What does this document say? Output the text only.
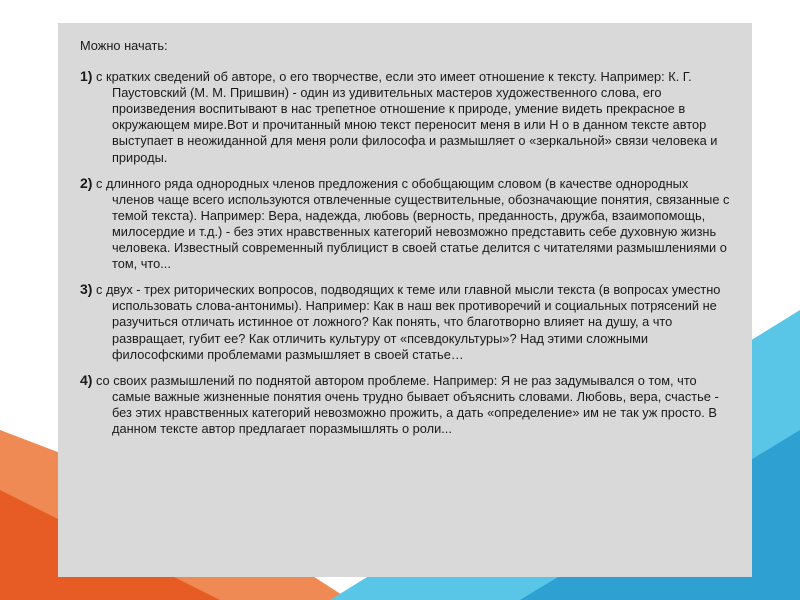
Можно начать:

1) с кратких сведений об авторе, о его творчестве, если это имеет отношение к тексту. Например: К. Г. Паустовский (М. М. Пришвин) - один из удивительных мастеров художественного слова, его произведения воспитывают в нас трепетное отношение к природе, умение видеть прекрасное в окружающем мире.Вот и прочитанный мною текст переносит меня в или Н о в данном тексте автор выступает в неожиданной для меня роли философа и размышляет о «зеркальной» связи человека и природы.

2) с длинного ряда однородных членов предложения с обобщающим словом (в качестве однородных членов чаще всего используются отвлеченные существительные, обозначающие понятия, связанные с темой текста). Например: Вера, надежда, любовь (верность, преданность, дружба, взаимопомощь, милосердие и т.д.) - без этих нравственных категорий невозможно представить себе духовную жизнь человека. Известный современный публицист в своей статье делится с читателями размышлениями о том, что...

3) с двух - трех риторических вопросов, подводящих к теме или главной мысли текста (в вопросах уместно использовать слова-антонимы). Например: Как в наш век противоречий и социальных потрясений не разучиться отличать истинное от ложного? Как понять, что благотворно влияет на душу, а что развращает, губит ее? Как отличить культуру от «псевдокультуры»? Над этими сложными философскими проблемами размышляет в своей статье…

4) со своих размышлений по поднятой автором проблеме. Например: Я не раз задумывался о том, что самые важные жизненные понятия очень трудно бывает объяснить словами. Любовь, вера, счастье - без этих нравственных категорий невозможно прожить, а дать «определение» им не так уж просто. В данном тексте автор предлагает поразмышлять о роли...
